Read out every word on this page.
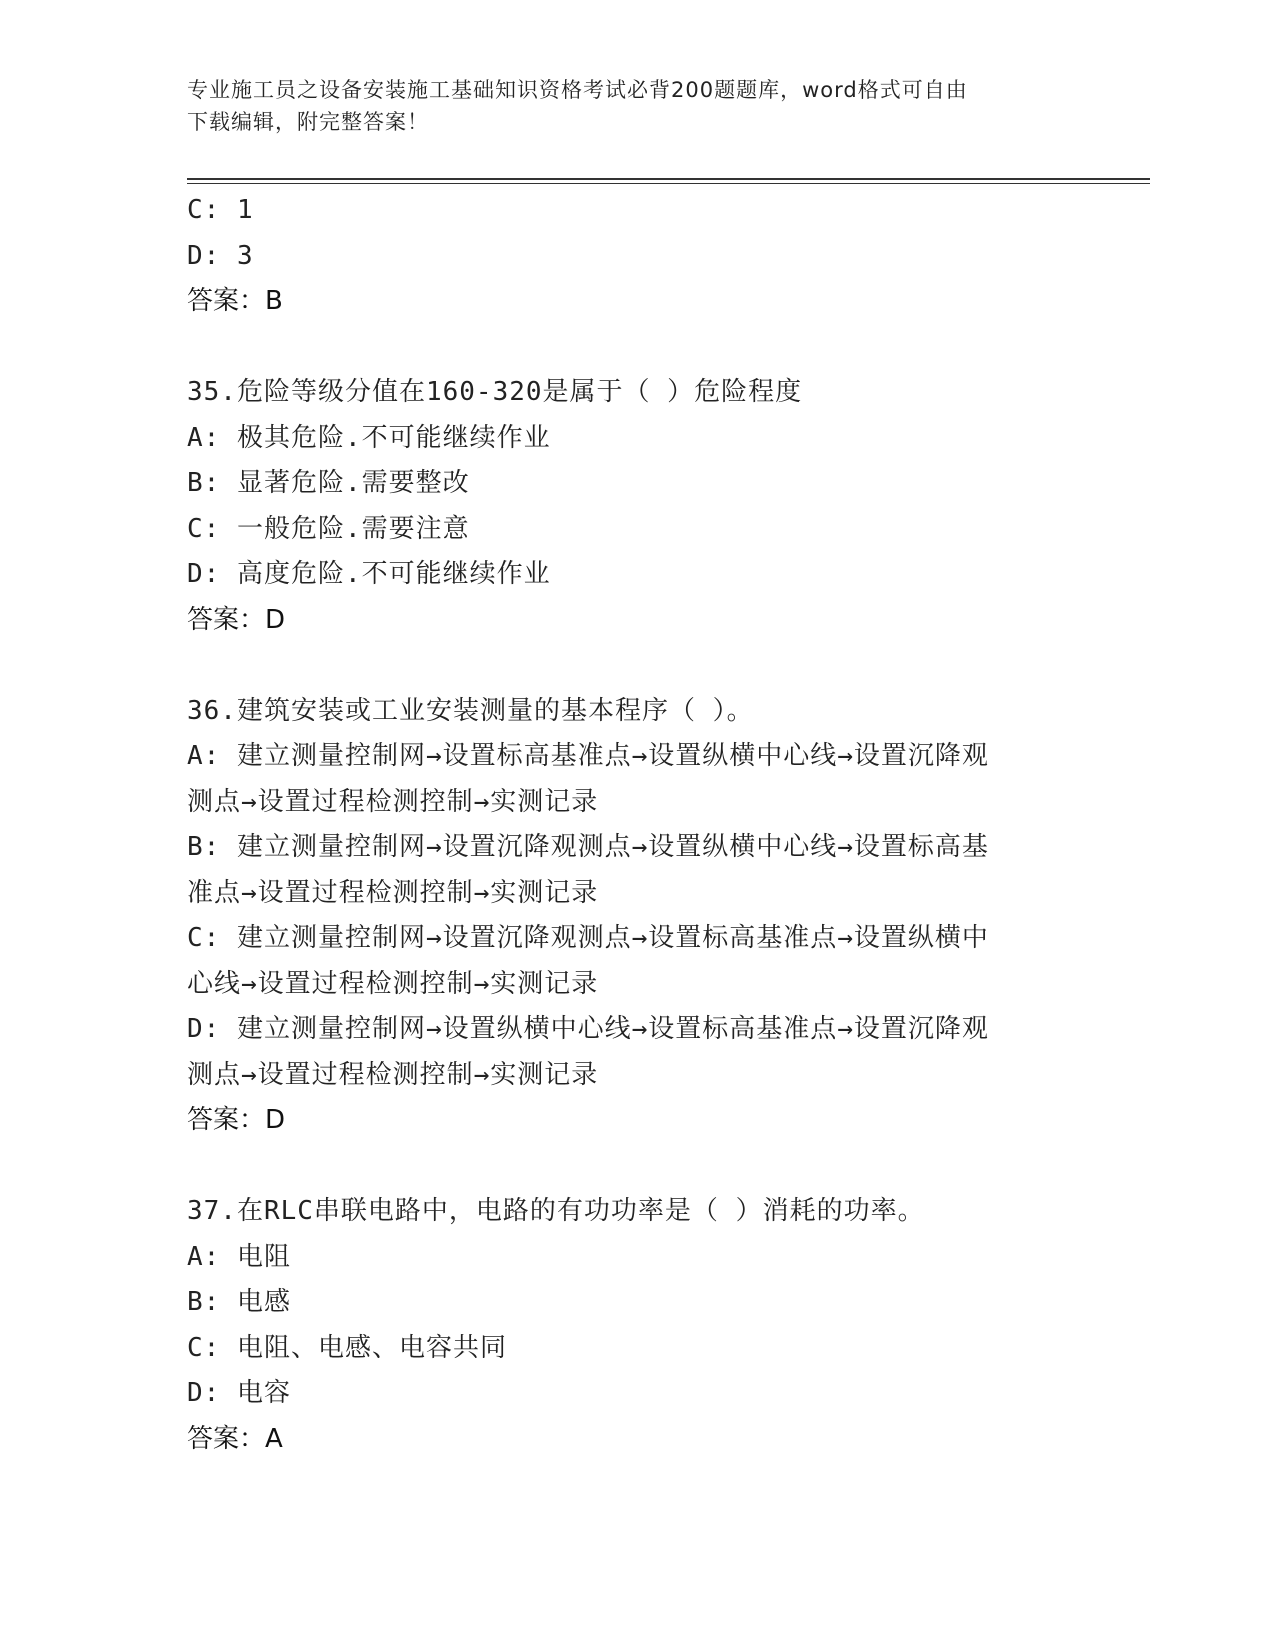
专业施工员之设备安装施工基础知识资格考试必背200题题库，word格式可自由
下载编辑，附完整答案！
C: 1
D: 3
答案：B
35.危险等级分值在160-320是属于（ ）危险程度
A: 极其危险.不可能继续作业
B: 显著危险.需要整改
C: 一般危险.需要注意
D: 高度危险.不可能继续作业
答案：D
36.建筑安装或工业安装测量的基本程序（ ）。
A: 建立测量控制网→设置标高基准点→设置纵横中心线→设置沉降观
测点→设置过程检测控制→实测记录
B: 建立测量控制网→设置沉降观测点→设置纵横中心线→设置标高基
准点→设置过程检测控制→实测记录
C: 建立测量控制网→设置沉降观测点→设置标高基准点→设置纵横中
心线→设置过程检测控制→实测记录
D: 建立测量控制网→设置纵横中心线→设置标高基准点→设置沉降观
测点→设置过程检测控制→实测记录
答案：D
37.在RLC串联电路中，电路的有功功率是（ ）消耗的功率。
A: 电阻
B: 电感
C: 电阻、电感、电容共同
D: 电容
答案：A
